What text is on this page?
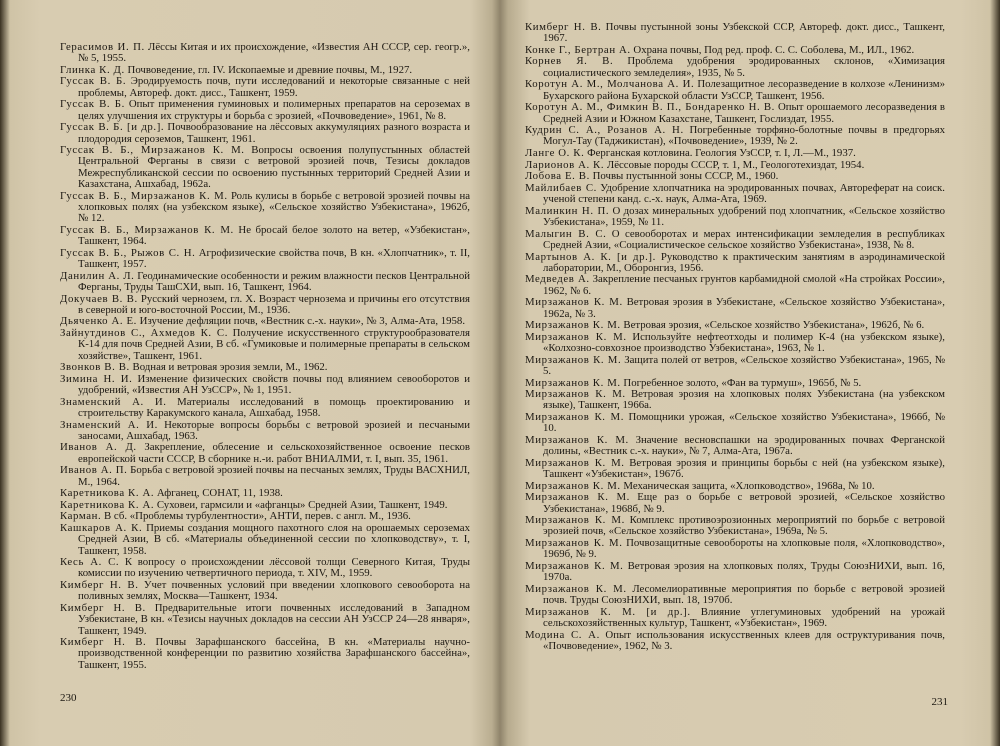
Герасимов И. П. Лёссы Китая и их происхождение, «Известия АН СССР, сер. геогр.», № 5, 1955.
Глинка К. Д. Почвоведение, гл. IV. Ископаемые и древние почвы, М., 1927.
Гуссак В. Б. Эродируемость почв, пути исследований и некоторые связанные с ней проблемы, Автореф. докт. дисс., Ташкент, 1959.
Гуссак В. Б. Опыт применения гуминовых и полимерных препаратов на сероземах в целях улучшения их структуры и борьба с эрозией, «Почвоведение», 1961, № 8.
Гуссак В. Б. [и др.]. Почвообразование на лёссовых аккумуляциях разного возраста и плодородия сероземов, Ташкент, 1961.
Гуссак В. Б., Мирзажанов К. М. Вопросы освоения полупустынных областей Центральной Ферганы в связи с ветровой эрозией почв, Тезисы докладов Межреспубликанской сессии по освоению пустынных территорий Средней Азии и Казахстана, Ашхабад, 1962а.
Гуссак В. Б., Мирзажанов К. М. Роль кулисы в борьбе с ветровой эрозией почвы на хлопковых полях (на узбекском языке), «Сельское хозяйство Узбекистана», 1962б, № 12.
Гуссак В. Б., Мирзажанов К. М. Не бросай белое золото на ветер, «Узбекистан», Ташкент, 1964.
Гуссак В. Б., Рыжов С. Н. Агрофизические свойства почв, В кн. «Хлопчатник», т. II, Ташкент, 1957.
Данилин А. Л. Геодинамические особенности и режим влажности песков Центральной Ферганы, Труды ТашСХИ, вып. 16, Ташкент, 1964.
Докучаев В. В. Русский чернозем, гл. Х. Возраст чернозема и причины его отсутствия в северной и юго-восточной России, М., 1936.
Дьяченко А. Е. Изучение дефляции почв, «Вестник с.-х. науки», № 3, Алма-Ата, 1958.
Зайнутдинов С., Ахмедов К. С. Получение искусственного структурообразователя К-14 для почв Средней Азии, В сб. «Гумиковые и полимерные препараты в сельском хозяйстве», Ташкент, 1961.
Звонков В. В. Водная и ветровая эрозия земли, М., 1962.
Зимина Н. И. Изменение физических свойств почвы под влиянием севооборотов и удобрений, «Известия АН УзССР», № 1, 1951.
Знаменский А. И. Материалы исследований в помощь проектированию и строительству Каракумского канала, Ашхабад, 1958.
Знаменский А. И. Некоторые вопросы борьбы с ветровой эрозией и песчаными заносами, Ашхабад, 1963.
Иванов А. Д. Закрепление, облесение и сельскохозяйственное освоение песков европейской части СССР, В сборнике н.-и. работ ВНИАЛМИ, т. I, вып. 35, 1961.
Иванов А. П. Борьба с ветровой эрозией почвы на песчаных землях, Труды ВАСХНИЛ, М., 1964.
Каретникова К. А. Афганец, СОНАТ, 11, 1938.
Каретникова К. А. Суховеи, гармсили и «афганцы» Средней Азии, Ташкент, 1949.
Карман. В сб. «Проблемы турбулентности», АНТИ, перев. с англ. М., 1936.
Кашкаров А. К. Приемы создания мощного пахотного слоя на орошаемых сероземах Средней Азии, В сб. «Материалы объединенной сессии по хлопководству», т. I, Ташкент, 1958.
Кесь А. С. К вопросу о происхождении лёссовой толщи Северного Китая, Труды комиссии по изучению четвертичного периода, т. XIV, М., 1959.
Кимберг Н. В. Учет почвенных условий при введении хлопкового севооборота на поливных землях, Москва—Ташкент, 1934.
Кимберг Н. В. Предварительные итоги почвенных исследований в Западном Узбекистане, В кн. «Тезисы научных докладов на сессии АН УзССР 24—28 января», Ташкент, 1949.
Кимберг Н. В. Почвы Зарафшанского бассейна, В кн. «Материалы научно-производственной конференции по развитию хозяйства Зарафшанского бассейна», Ташкент, 1955.
230
Кимберг Н. В. Почвы пустынной зоны Узбекской ССР, Автореф. докт. дисс., Ташкент, 1967.
Конке Г., Бертран А. Охрана почвы, Под ред. проф. С. С. Соболева, М., ИЛ., 1962.
Корнев Я. В. Проблема удобрения эродированных склонов, «Химизация социалистического земледелия», 1935, № 5.
Коротун А. М., Молчанова А. И. Полезащитное лесоразведение в колхозе «Ленинизм» Бухарского района Бухарской области УзССР, Ташкент, 1956.
Коротун А. М., Фимкин В. П., Бондаренко Н. В. Опыт орошаемого лесоразведения в Средней Азии и Южном Казахстане, Ташкент, Гослиздат, 1955.
Кудрин С. А., Розанов А. Н. Погребенные торфяно-болотные почвы в предгорьях Могул-Тау (Таджикистан), «Почвоведение», 1939, № 2.
Ланге О. К. Ферганская котловина. Геология УзССР, т. I, Л.—М., 1937.
Ларионов А. К. Лёссовые породы СССР, т. 1, М., Геологотехиздат, 1954.
Лобова Е. В. Почвы пустынной зоны СССР, М., 1960.
Майлибаев С. Удобрение хлопчатника на эродированных почвах, Автореферат на соиск. ученой степени канд. с.-х. наук, Алма-Ата, 1969.
Малинкин Н. П. О дозах минеральных удобрений под хлопчатник, «Сельское хозяйство Узбекистана», 1959, № 11.
Малыгин В. С. О севооборотах и мерах интенсификации земледелия в республиках Средней Азии, «Социалистическое сельское хозяйство Узбекистана», 1938, № 8.
Мартынов А. К. [и др.]. Руководство к практическим занятиям в аэродинамической лаборатории, М., Оборонгиз, 1956.
Медведев А. Закрепление песчаных грунтов карбамидной смолой «На стройках России», 1962, № 6.
Мирзажанов К. М. Ветровая эрозия в Узбекистане, «Сельское хозяйство Узбекистана», 1962а, № 3.
Мирзажанов К. М. Ветровая эрозия, «Сельское хозяйство Узбекистана», 1962б, № 6.
Мирзажанов К. М. Используйте нефтеотходы и полимер К-4 (на узбекском языке), «Колхозно-совхозное производство Узбекистана», 1963, № 1.
Мирзажанов К. М. Защита полей от ветров, «Сельское хозяйство Узбекистана», 1965, № 5.
Мирзажанов К. М. Погребенное золото, «Фан ва турмуш», 1965б, № 5.
Мирзажанов К. М. Ветровая эрозия на хлопковых полях Узбекистана (на узбекском языке), Ташкент, 1966а.
Мирзажанов К. М. Помощники урожая, «Сельское хозяйство Узбекистана», 1966б, № 10.
Мирзажанов К. М. Значение весновспашки на эродированных почвах Ферганской долины, «Вестник с.-х. науки», № 7, Алма-Ата, 1967а.
Мирзажанов К. М. Ветровая эрозия и принципы борьбы с ней (на узбекском языке), Ташкент «Узбекистан», 1967б.
Мирзажанов К. М. Механическая защита, «Хлопководство», 1968а, № 10.
Мирзажанов К. М. Еще раз о борьбе с ветровой эрозией, «Сельское хозяйство Узбекистана», 1968б, № 9.
Мирзажанов К. М. Комплекс противоэрозионных мероприятий по борьбе с ветровой эрозией почв, «Сельское хозяйство Узбекистана», 1969а, № 5.
Мирзажанов К. М. Почвозащитные севообороты на хлопковые поля, «Хлопководство», 1969б, № 9.
Мирзажанов К. М. Ветровая эрозия на хлопковых полях, Труды СоюзНИХИ, вып. 16, 1970а.
Мирзажанов К. М. Лесомелиоративные мероприятия по борьбе с ветровой эрозией почв. Труды СоюзНИХИ, вып. 18, 1970б.
Мирзажанов К. М. [и др.]. Влияние углегуминовых удобрений на урожай сельскохозяйственных культур, Ташкент, «Узбекистан», 1969.
Модина С. А. Опыт использования искусственных клеев для оструктуривания почв, «Почвоведение», 1962, № 3.
231
